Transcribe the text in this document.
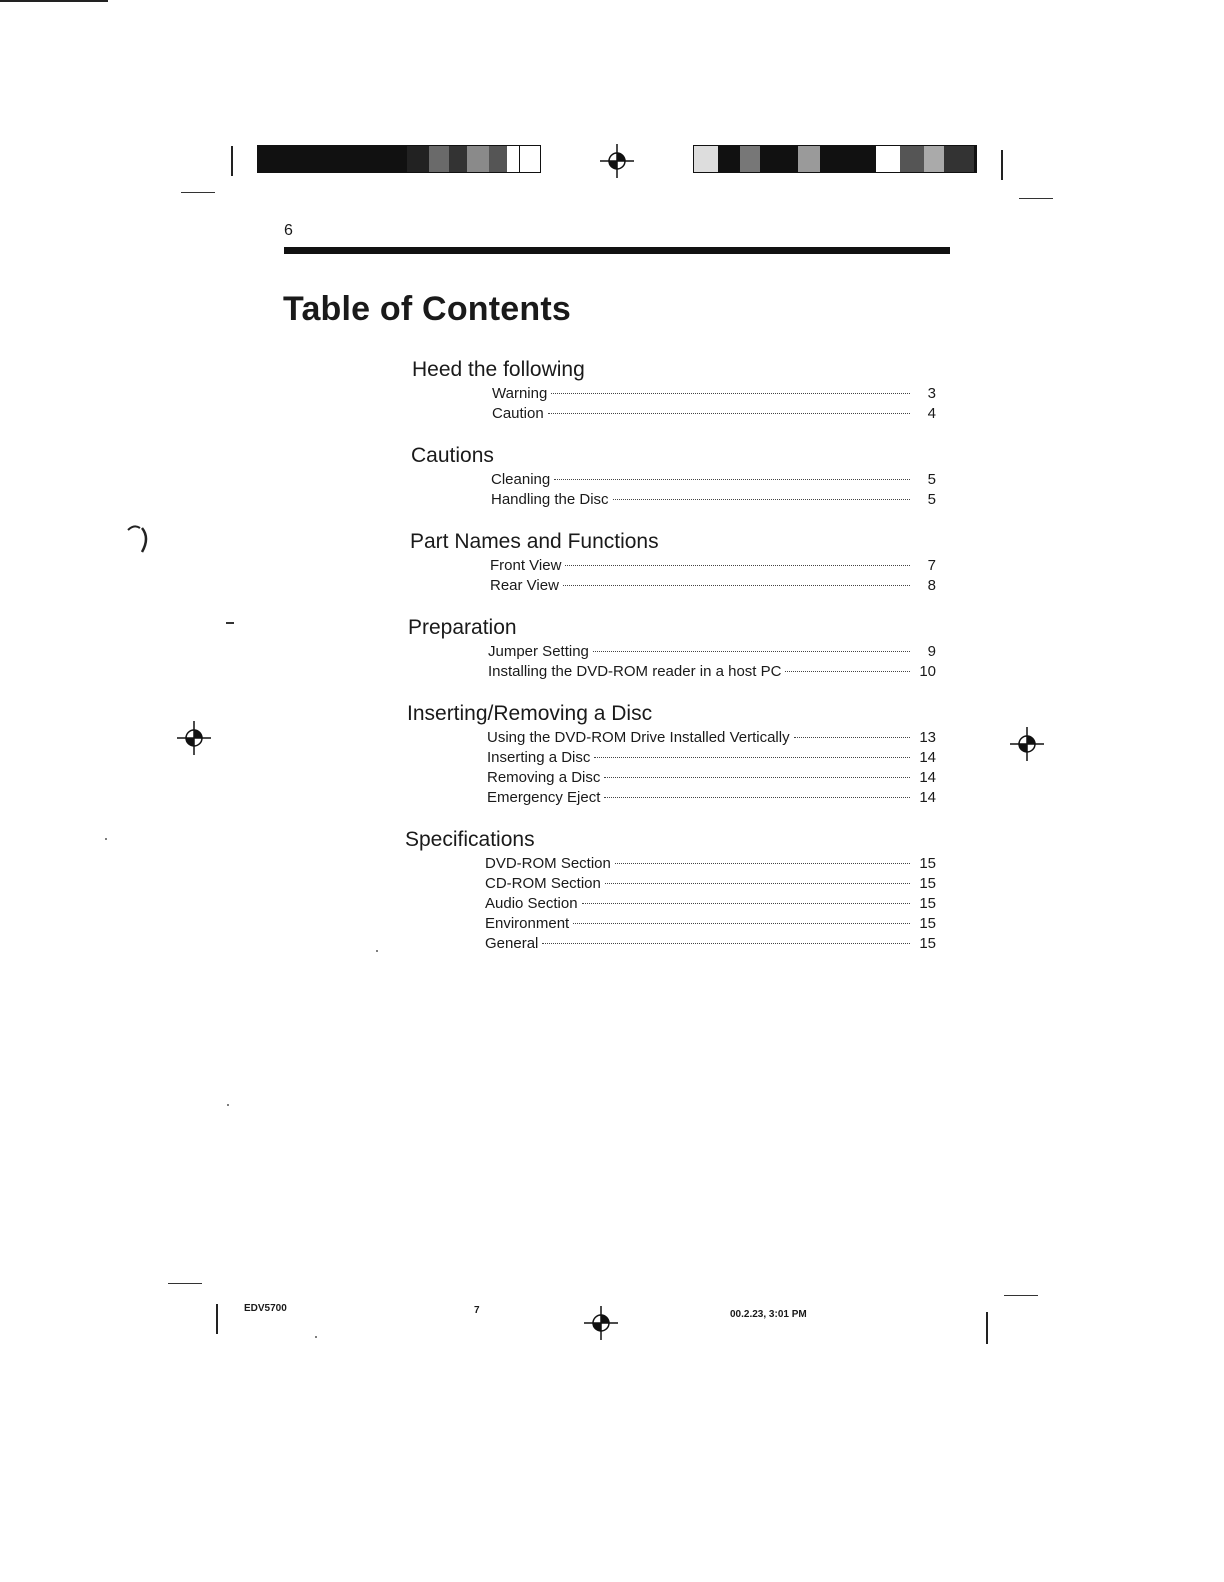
6
Table of Contents
Heed the following
Warning	3
Caution	4
Cautions
Cleaning	5
Handling the Disc	5
Part Names and Functions
Front View	7
Rear View	8
Preparation
Jumper Setting	9
Installing the DVD-ROM reader in a host PC	10
Inserting/Removing a Disc
Using the DVD-ROM Drive Installed Vertically	13
Inserting a Disc	14
Removing a Disc	14
Emergency Eject	14
Specifications
DVD-ROM Section	15
CD-ROM Section	15
Audio Section	15
Environment	15
General	15
EDV5700	7	00.2.23, 3:01 PM
